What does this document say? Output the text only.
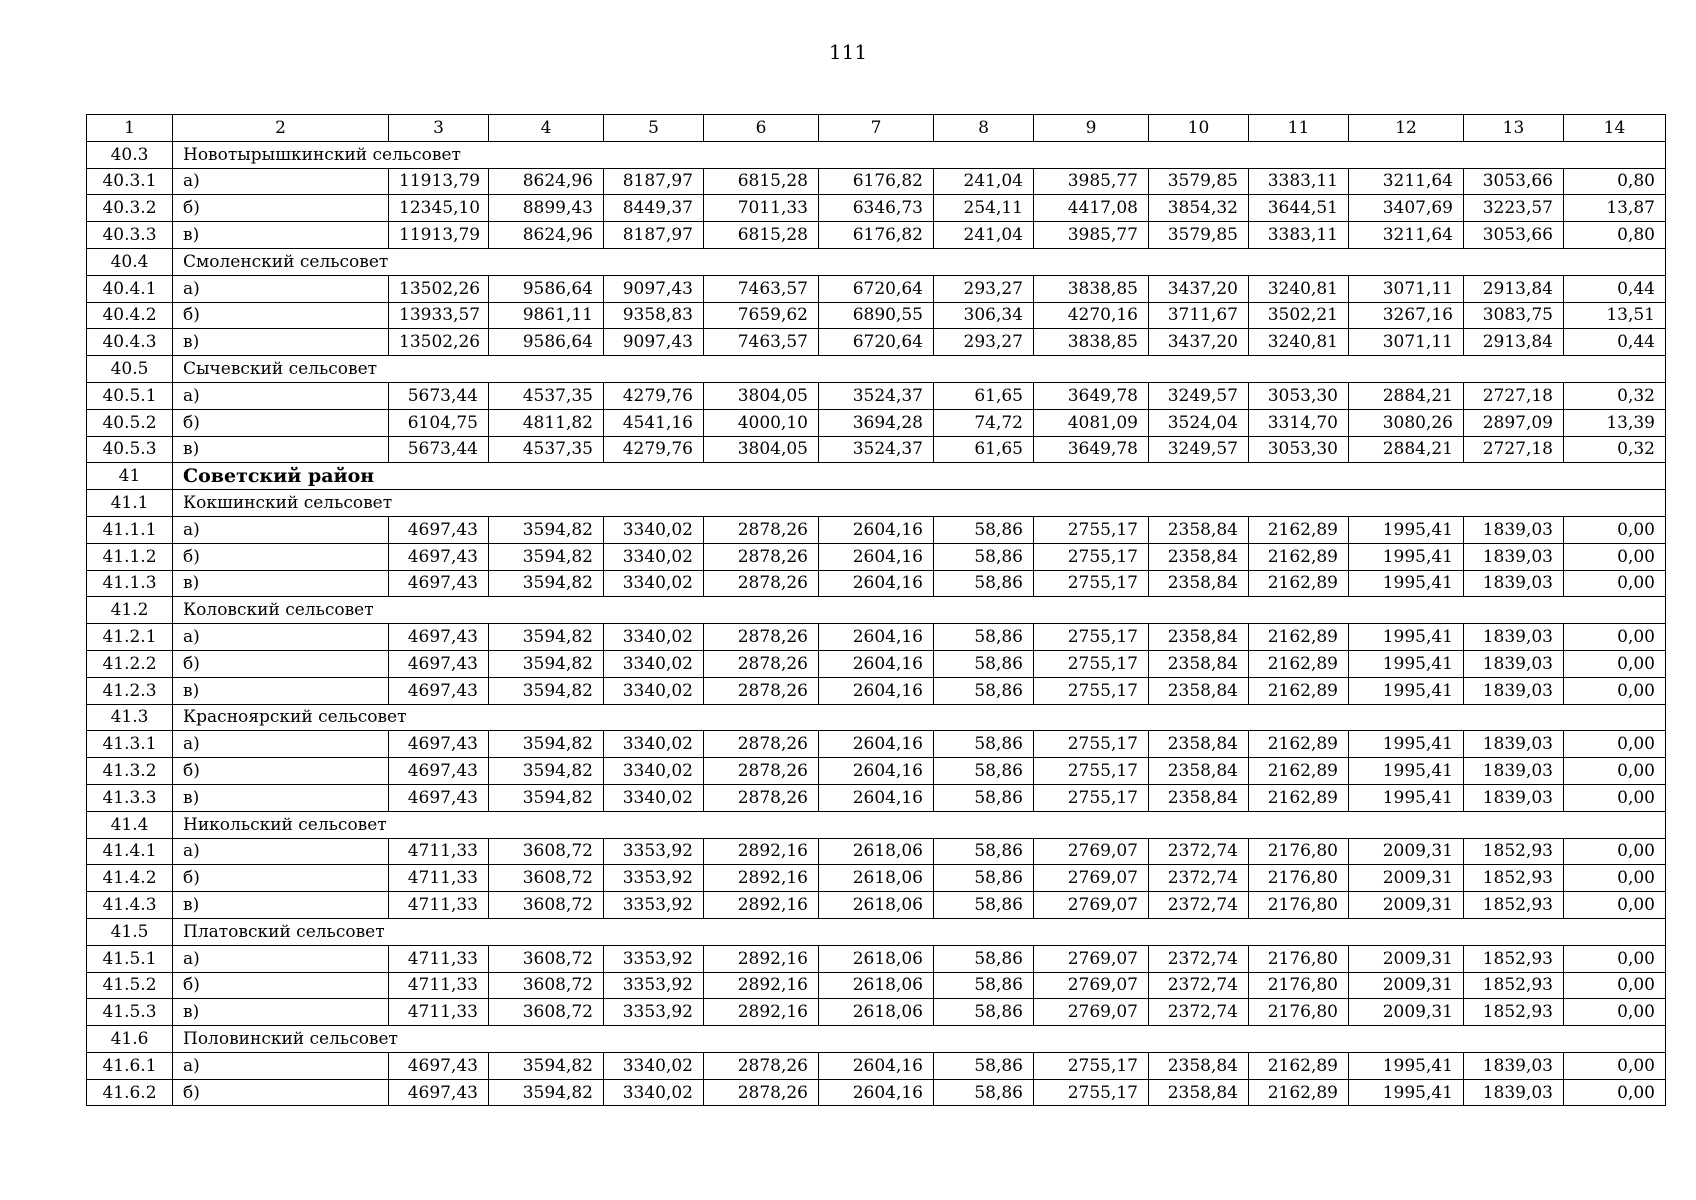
111
1	2	3	4	5	6	7	8	9	10	11	12	13	14
40.3	Новотырышкинский сельсовет												
40.3.1	а)	11913,79	8624,96	8187,97	6815,28	6176,82	241,04	3985,77	3579,85	3383,11	3211,64	3053,66	0,80
40.3.2	б)	12345,10	8899,43	8449,37	7011,33	6346,73	254,11	4417,08	3854,32	3644,51	3407,69	3223,57	13,87
40.3.3	в)	11913,79	8624,96	8187,97	6815,28	6176,82	241,04	3985,77	3579,85	3383,11	3211,64	3053,66	0,80
40.4	Смоленский сельсовет												
40.4.1	а)	13502,26	9586,64	9097,43	7463,57	6720,64	293,27	3838,85	3437,20	3240,81	3071,11	2913,84	0,44
40.4.2	б)	13933,57	9861,11	9358,83	7659,62	6890,55	306,34	4270,16	3711,67	3502,21	3267,16	3083,75	13,51
40.4.3	в)	13502,26	9586,64	9097,43	7463,57	6720,64	293,27	3838,85	3437,20	3240,81	3071,11	2913,84	0,44
40.5	Сычевский сельсовет												
40.5.1	а)	5673,44	4537,35	4279,76	3804,05	3524,37	61,65	3649,78	3249,57	3053,30	2884,21	2727,18	0,32
40.5.2	б)	6104,75	4811,82	4541,16	4000,10	3694,28	74,72	4081,09	3524,04	3314,70	3080,26	2897,09	13,39
40.5.3	в)	5673,44	4537,35	4279,76	3804,05	3524,37	61,65	3649,78	3249,57	3053,30	2884,21	2727,18	0,32
41	Советский район												
41.1	Кокшинский сельсовет												
41.1.1	а)	4697,43	3594,82	3340,02	2878,26	2604,16	58,86	2755,17	2358,84	2162,89	1995,41	1839,03	0,00
41.1.2	б)	4697,43	3594,82	3340,02	2878,26	2604,16	58,86	2755,17	2358,84	2162,89	1995,41	1839,03	0,00
41.1.3	в)	4697,43	3594,82	3340,02	2878,26	2604,16	58,86	2755,17	2358,84	2162,89	1995,41	1839,03	0,00
41.2	Коловский сельсовет												
41.2.1	а)	4697,43	3594,82	3340,02	2878,26	2604,16	58,86	2755,17	2358,84	2162,89	1995,41	1839,03	0,00
41.2.2	б)	4697,43	3594,82	3340,02	2878,26	2604,16	58,86	2755,17	2358,84	2162,89	1995,41	1839,03	0,00
41.2.3	в)	4697,43	3594,82	3340,02	2878,26	2604,16	58,86	2755,17	2358,84	2162,89	1995,41	1839,03	0,00
41.3	Красноярский сельсовет												
41.3.1	а)	4697,43	3594,82	3340,02	2878,26	2604,16	58,86	2755,17	2358,84	2162,89	1995,41	1839,03	0,00
41.3.2	б)	4697,43	3594,82	3340,02	2878,26	2604,16	58,86	2755,17	2358,84	2162,89	1995,41	1839,03	0,00
41.3.3	в)	4697,43	3594,82	3340,02	2878,26	2604,16	58,86	2755,17	2358,84	2162,89	1995,41	1839,03	0,00
41.4	Никольский сельсовет												
41.4.1	а)	4711,33	3608,72	3353,92	2892,16	2618,06	58,86	2769,07	2372,74	2176,80	2009,31	1852,93	0,00
41.4.2	б)	4711,33	3608,72	3353,92	2892,16	2618,06	58,86	2769,07	2372,74	2176,80	2009,31	1852,93	0,00
41.4.3	в)	4711,33	3608,72	3353,92	2892,16	2618,06	58,86	2769,07	2372,74	2176,80	2009,31	1852,93	0,00
41.5	Платовский сельсовет												
41.5.1	а)	4711,33	3608,72	3353,92	2892,16	2618,06	58,86	2769,07	2372,74	2176,80	2009,31	1852,93	0,00
41.5.2	б)	4711,33	3608,72	3353,92	2892,16	2618,06	58,86	2769,07	2372,74	2176,80	2009,31	1852,93	0,00
41.5.3	в)	4711,33	3608,72	3353,92	2892,16	2618,06	58,86	2769,07	2372,74	2176,80	2009,31	1852,93	0,00
41.6	Половинский сельсовет												
41.6.1	а)	4697,43	3594,82	3340,02	2878,26	2604,16	58,86	2755,17	2358,84	2162,89	1995,41	1839,03	0,00
41.6.2	б)	4697,43	3594,82	3340,02	2878,26	2604,16	58,86	2755,17	2358,84	2162,89	1995,41	1839,03	0,00
